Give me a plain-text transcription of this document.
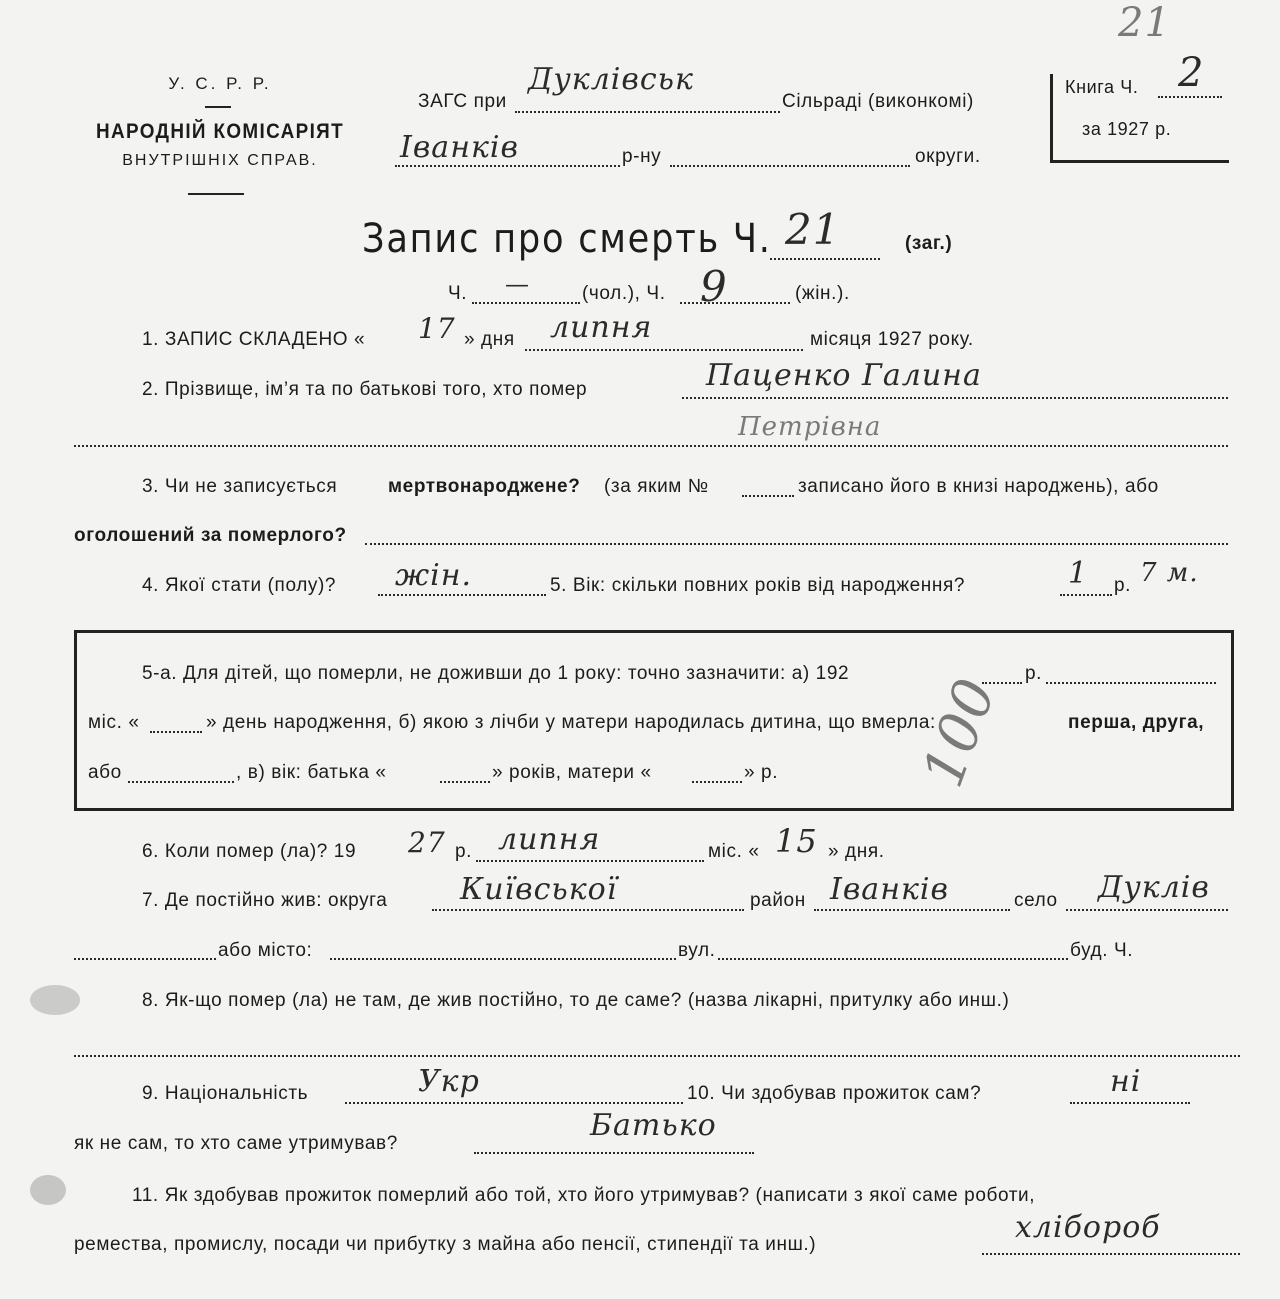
21
У. С. Р. Р.
НАРОДНІЙ КОМІСАРІЯТ
ВНУТРІШНІХ СПРАВ.
ЗАГС при
Дуклівськ
Сільраді (виконкомі)
Іванків	р-ну	округи.
Книга Ч. 2
за 1927 р.
Запис про смерть Ч. 21	(заг.)
Ч. —	(чол.), Ч. 9	(жін.).
1. ЗАПИС СКЛАДЕНО « 17 » дня липня	місяця 1927 року.
2. Прізвище, ім’я та по батькові того, хто помер	Паценко Галина
Петрівна
3. Чи не записується	мертвонароджене? (за яким №	записано його в книзі народжень), або
оголошений за померлого?
4. Якої стати (полу)? жін.	5. Вік: скільки повних років від народження?	1 р. 7 м.
100
5-а. Для дітей, що померли, не доживши до 1 року: точно зазначити: а) 192	р.
міс. «	» день народження, б) якою з лічби у матери народилась дитина, що вмерла:	перша, друга,
або	, в) вік: батька «	» років, матери «	» р.
6. Коли помер (ла)? 19 27 р. липня	міс. « 15 » дня.
7. Де постійно жив: округа Київської	район Іванків	село Дуклів
або місто:	вул.	буд. Ч.
8. Як-що помер (ла) не там, де жив постійно, то де саме? (назва лікарні, притулку або инш.)
9. Національність	Укр	10. Чи здобував прожиток сам?	ні
як не сам, то хто саме утримував?
Батько
11. Як здобував прожиток померлий або той, хто його утримував? (написати з якої саме роботи,
ремества, промислу, посади чи прибутку з майна або пенсії, стипендії та инш.)	хлібороб
